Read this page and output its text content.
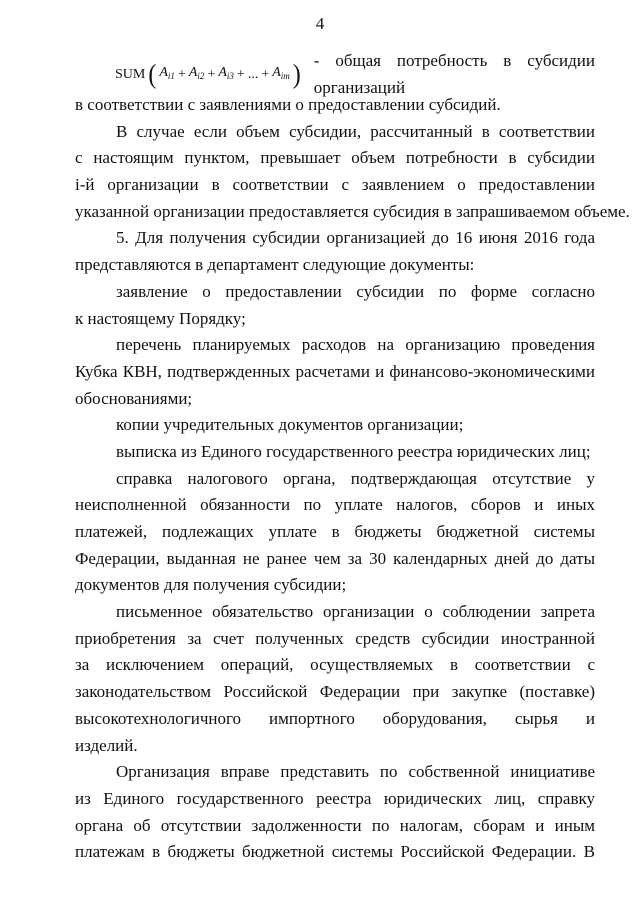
4
SUM ( $A_{i1} + A_{i2} + A_{i3}$ + ... + $A_{im}$ ) - общая потребность в субсидии организаций
в соответствии с заявлениями о предоставлении субсидий.
В случае если объем субсидии, рассчитанный в соответствии
с настоящим пунктом, превышает объем потребности в субсидии
i-й организации в соответствии с заявлением о предоставлении
указанной организации предоставляется субсидия в запрашиваемом объеме.
5. Для получения субсидии организацией до 16 июня 2016 года
представляются в департамент следующие документы:
заявление о предоставлении субсидии по форме согласно
к настоящему Порядку;
перечень планируемых расходов на организацию проведения
Кубка КВН, подтвержденных расчетами и финансово-экономическими
обоснованиями;
копии учредительных документов организации;
выписка из Единого государственного реестра юридических лиц;
справка налогового органа, подтверждающая отсутствие у
неисполненной обязанности по уплате налогов, сборов и иных
платежей, подлежащих уплате в бюджеты бюджетной системы
Федерации, выданная не ранее чем за 30 календарных дней до даты
документов для получения субсидии;
письменное обязательство организации о соблюдении запрета
приобретения за счет полученных средств субсидии иностранной
за исключением операций, осуществляемых в соответствии с
законодательством Российской Федерации при закупке (поставке)
высокотехнологичного импортного оборудования, сырья и
изделий.
Организация вправе представить по собственной инициативе
из Единого государственного реестра юридических лиц, справку
органа об отсутствии задолженности по налогам, сборам и иным
платежам в бюджеты бюджетной системы Российской Федерации. В
